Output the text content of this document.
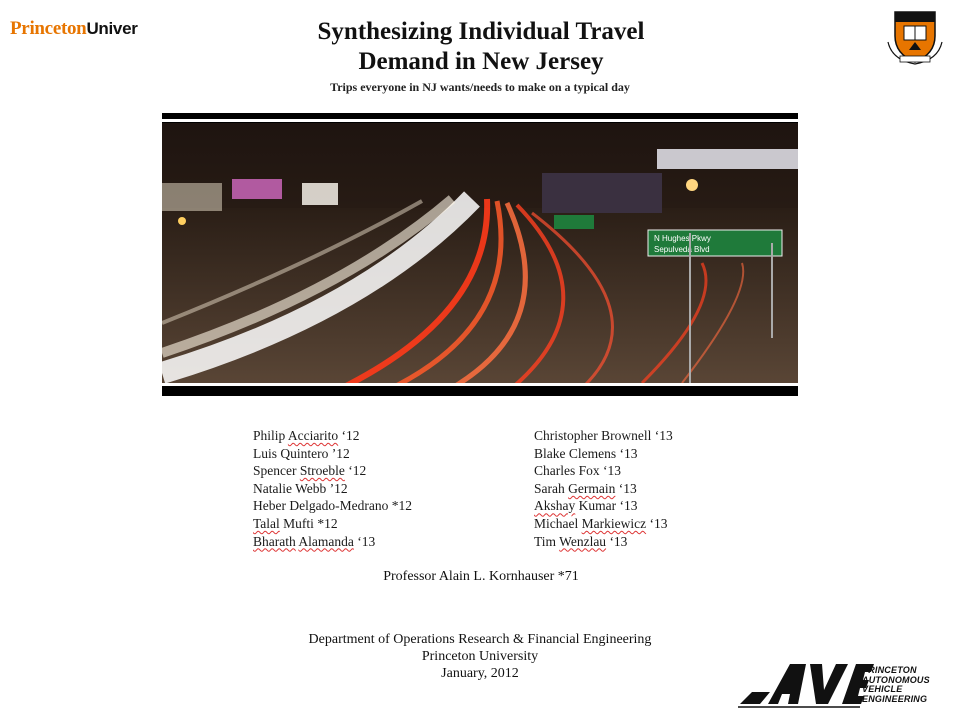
PrincetonUniver	Synthesizing Individual Travel
Demand in New Jersey
Trips everyone in NJ wants/needs to make on a typical day
N Hughes Pkwy
Sepulveda Blvd
Philip Acciarito ‘12
Luis Quintero ’12
Spencer Stroeble ‘12
Natalie Webb ’12
Heber Delgado-Medrano *12
Talal Mufti *12
Bharath Alamanda ‘13
Christopher Brownell ‘13
Blake Clemens ‘13
Charles Fox ‘13
Sarah Germain ‘13
Akshay Kumar ‘13
Michael Markiewicz ‘13
Tim Wenzlau ‘13
Professor Alain L. Kornhauser *71
Department of Operations Research & Financial Engineering
Princeton University
January, 2012	PRINCETON
AUTONOMOUS
VEHICLE
ENGINEERING
